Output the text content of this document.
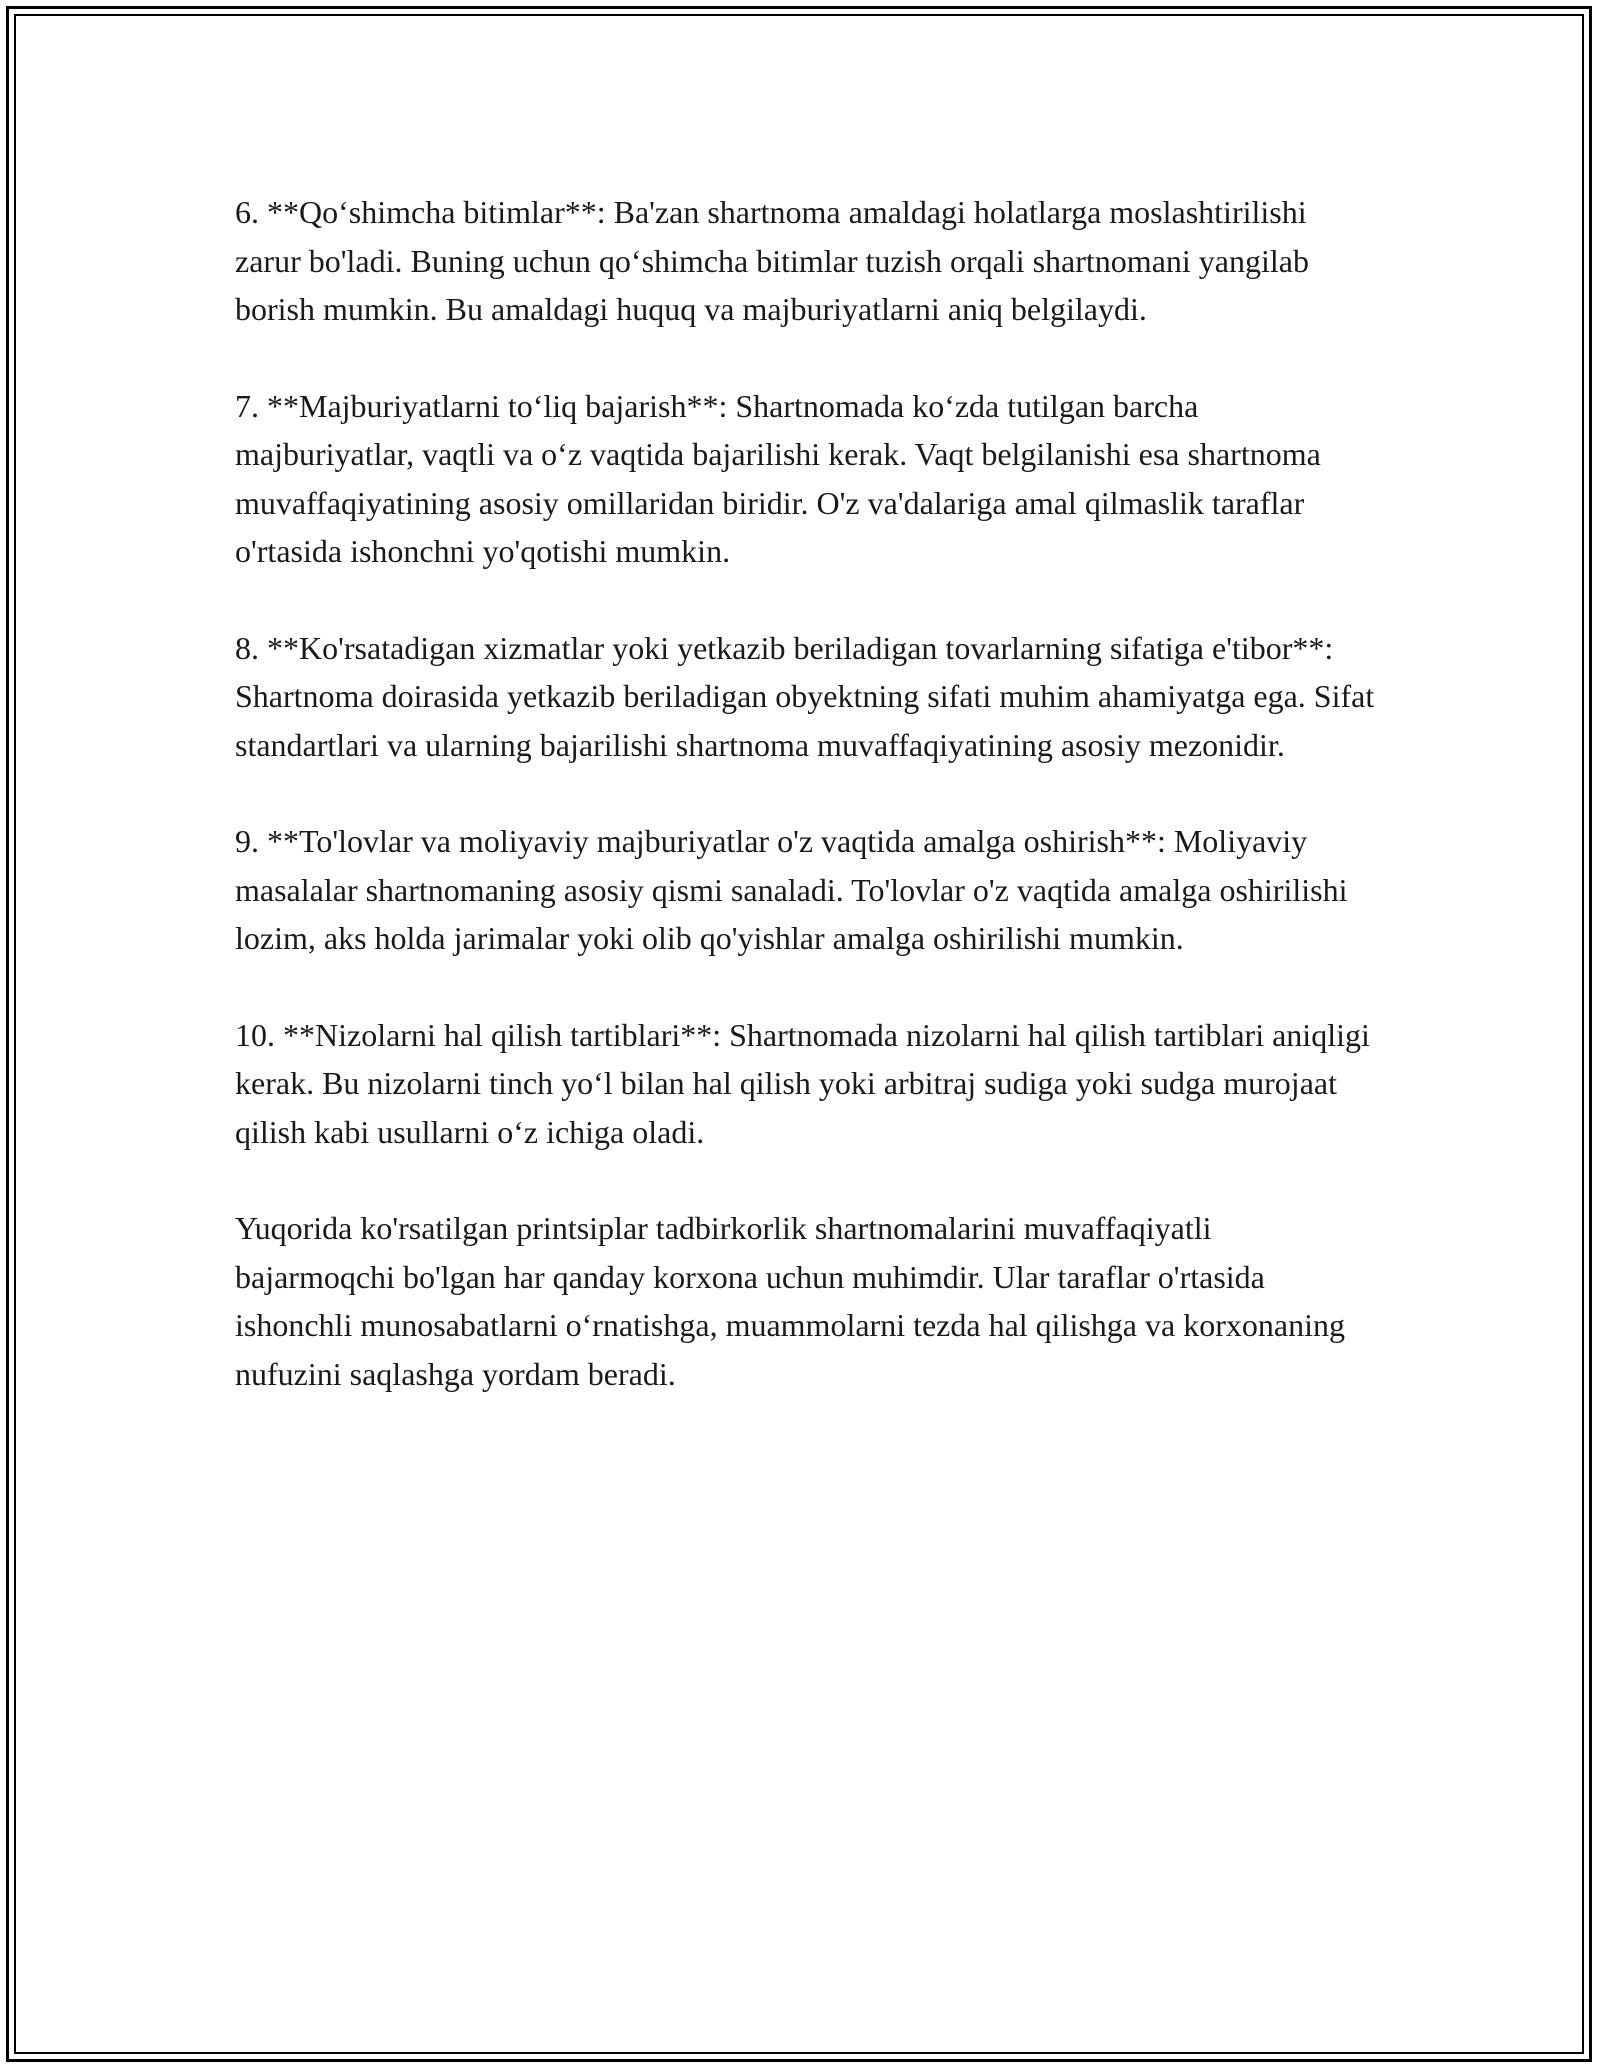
6. **Qo‘shimcha bitimlar**: Ba'zan shartnoma amaldagi holatlarga moslashtirilishi zarur bo'ladi. Buning uchun qo‘shimcha bitimlar tuzish orqali shartnomani yangilab borish mumkin. Bu amaldagi huquq va majburiyatlarni aniq belgilaydi.

7. **Majburiyatlarni to‘liq bajarish**: Shartnomada ko‘zda tutilgan barcha majburiyatlar, vaqtli va o‘z vaqtida bajarilishi kerak. Vaqt belgilanishi esa shartnoma muvaffaqiyatining asosiy omillaridan biridir. O'z va'dalariga amal qilmaslik taraflar o'rtasida ishonchni yo'qotishi mumkin.

8. **Ko'rsatadigan xizmatlar yoki yetkazib beriladigan tovarlarning sifatiga e'tibor**: Shartnoma doirasida yetkazib beriladigan obyektning sifati muhim ahamiyatga ega. Sifat standartlari va ularning bajarilishi shartnoma muvaffaqiyatining asosiy mezonidir.

9. **To'lovlar va moliyaviy majburiyatlar o'z vaqtida amalga oshirish**: Moliyaviy masalalar shartnomaning asosiy qismi sanaladi. To'lovlar o'z vaqtida amalga oshirilishi lozim, aks holda jarimalar yoki olib qo'yishlar amalga oshirilishi mumkin.

10. **Nizolarni hal qilish tartiblari**: Shartnomada nizolarni hal qilish tartiblari aniqligi kerak. Bu nizolarni tinch yo‘l bilan hal qilish yoki arbitraj sudiga yoki sudga murojaat qilish kabi usullarni o‘z ichiga oladi.

Yuqorida ko'rsatilgan printsiplar tadbirkorlik shartnomalarini muvaffaqiyatli bajarmoqchi bo'lgan har qanday korxona uchun muhimdir. Ular taraflar o'rtasida ishonchli munosabatlarni o‘rnatishga, muammolarni tezda hal qilishga va korxonaning nufuzini saqlashga yordam beradi.
